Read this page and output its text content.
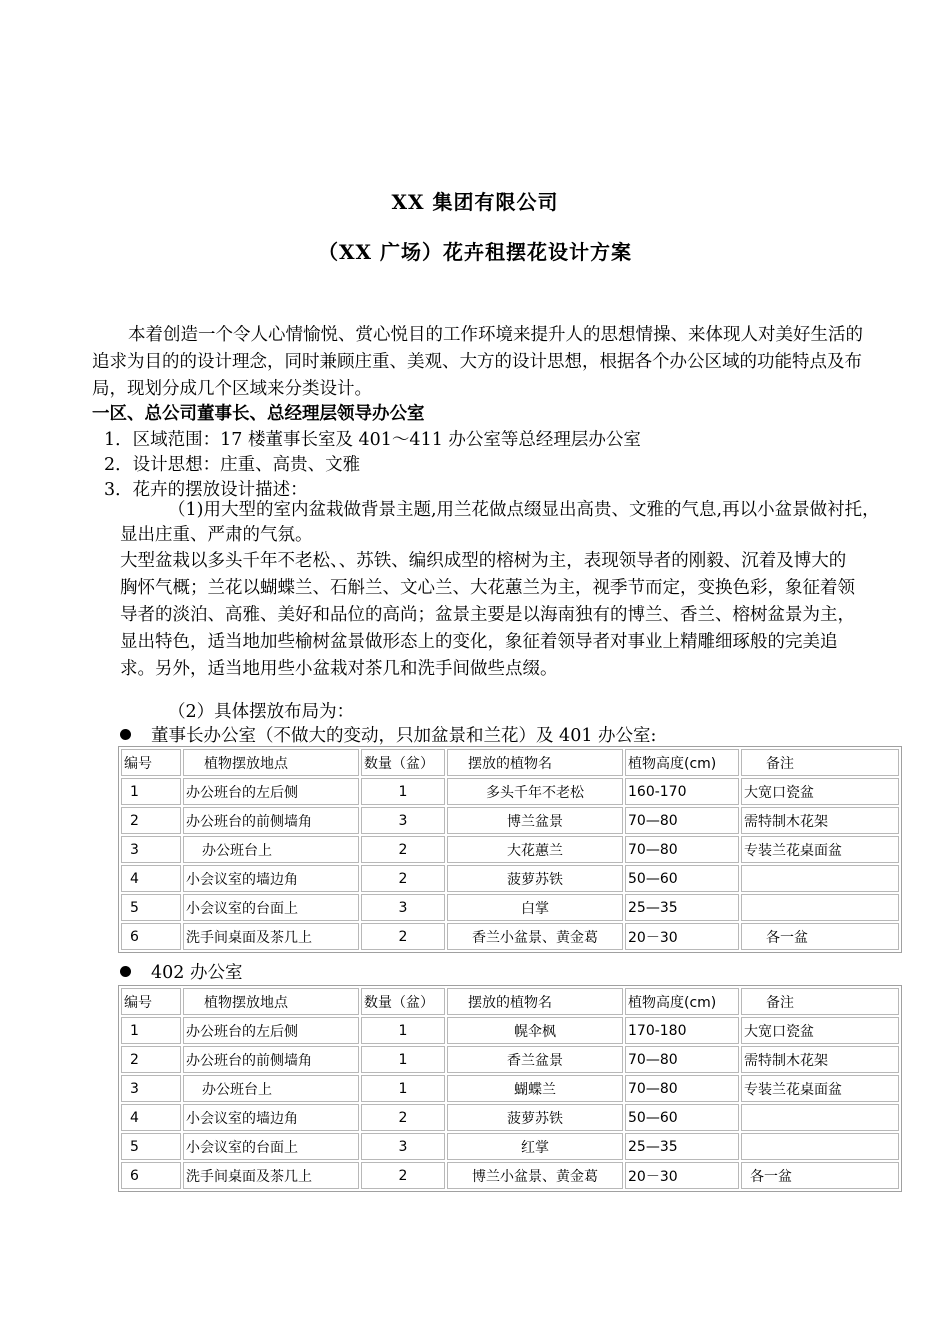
XX 集团有限公司
（XX 广场）花卉租摆花设计方案
本着创造一个令人心情愉悦、赏心悦目的工作环境来提升人的思想情操、来体现人对美好生活的追求为目的的设计理念，同时兼顾庄重、美观、大方的设计思想，根据各个办公区域的功能特点及布局，现划分成几个区域来分类设计。
一区、总公司董事长、总经理层领导办公室
1．区域范围：17 楼董事长室及 401～411 办公室等总经理层办公室
2．设计思想：庄重、高贵、文雅
3．花卉的摆放设计描述：
（1)用大型的室内盆栽做背景主题,用兰花做点缀显出高贵、文雅的气息,再以小盆景做衬托，显出庄重、严肃的气氛。
大型盆栽以多头千年不老松、、苏铁、编织成型的榕树为主，表现领导者的刚毅、沉着及博大的胸怀气概；兰花以蝴蝶兰、石斛兰、文心兰、大花蕙兰为主，视季节而定，变换色彩，象征着领导者的淡泊、高雅、美好和品位的高尚；盆景主要是以海南独有的博兰、香兰、榕树盆景为主，显出特色，适当地加些榆树盆景做形态上的变化，象征着领导者对事业上精雕细琢般的完美追求。另外，适当地用些小盆栽对茶几和洗手间做些点缀。
（2）具体摆放布局为：
董事长办公室（不做大的变动，只加盆景和兰花）及 401 办公室:
编号	植物摆放地点	数量（盆）	摆放的植物名	植物高度(cm)	备注
1	办公班台的左后侧	1	多头千年不老松	160-170	大宽口瓷盆
2	办公班台的前侧墙角	3	博兰盆景	70—80	需特制木花架
3	办公班台上	2	大花蕙兰	70—80	专装兰花桌面盆
4	小会议室的墙边角	2	菠萝苏铁	50—60	
5	小会议室的台面上	3	白掌	25—35	
6	洗手间桌面及茶几上	2	香兰小盆景、黄金葛	20－30	各一盆
402 办公室
编号	植物摆放地点	数量（盆）	摆放的植物名	植物高度(cm)	备注
1	办公班台的左后侧	1	幌伞枫	170-180	大宽口瓷盆
2	办公班台的前侧墙角	1	香兰盆景	70—80	需特制木花架
3	办公班台上	1	蝴蝶兰	70—80	专装兰花桌面盆
4	小会议室的墙边角	2	菠萝苏铁	50—60	
5	小会议室的台面上	3	红掌	25—35	
6	洗手间桌面及茶几上	2	博兰小盆景、黄金葛	20－30	各一盆
